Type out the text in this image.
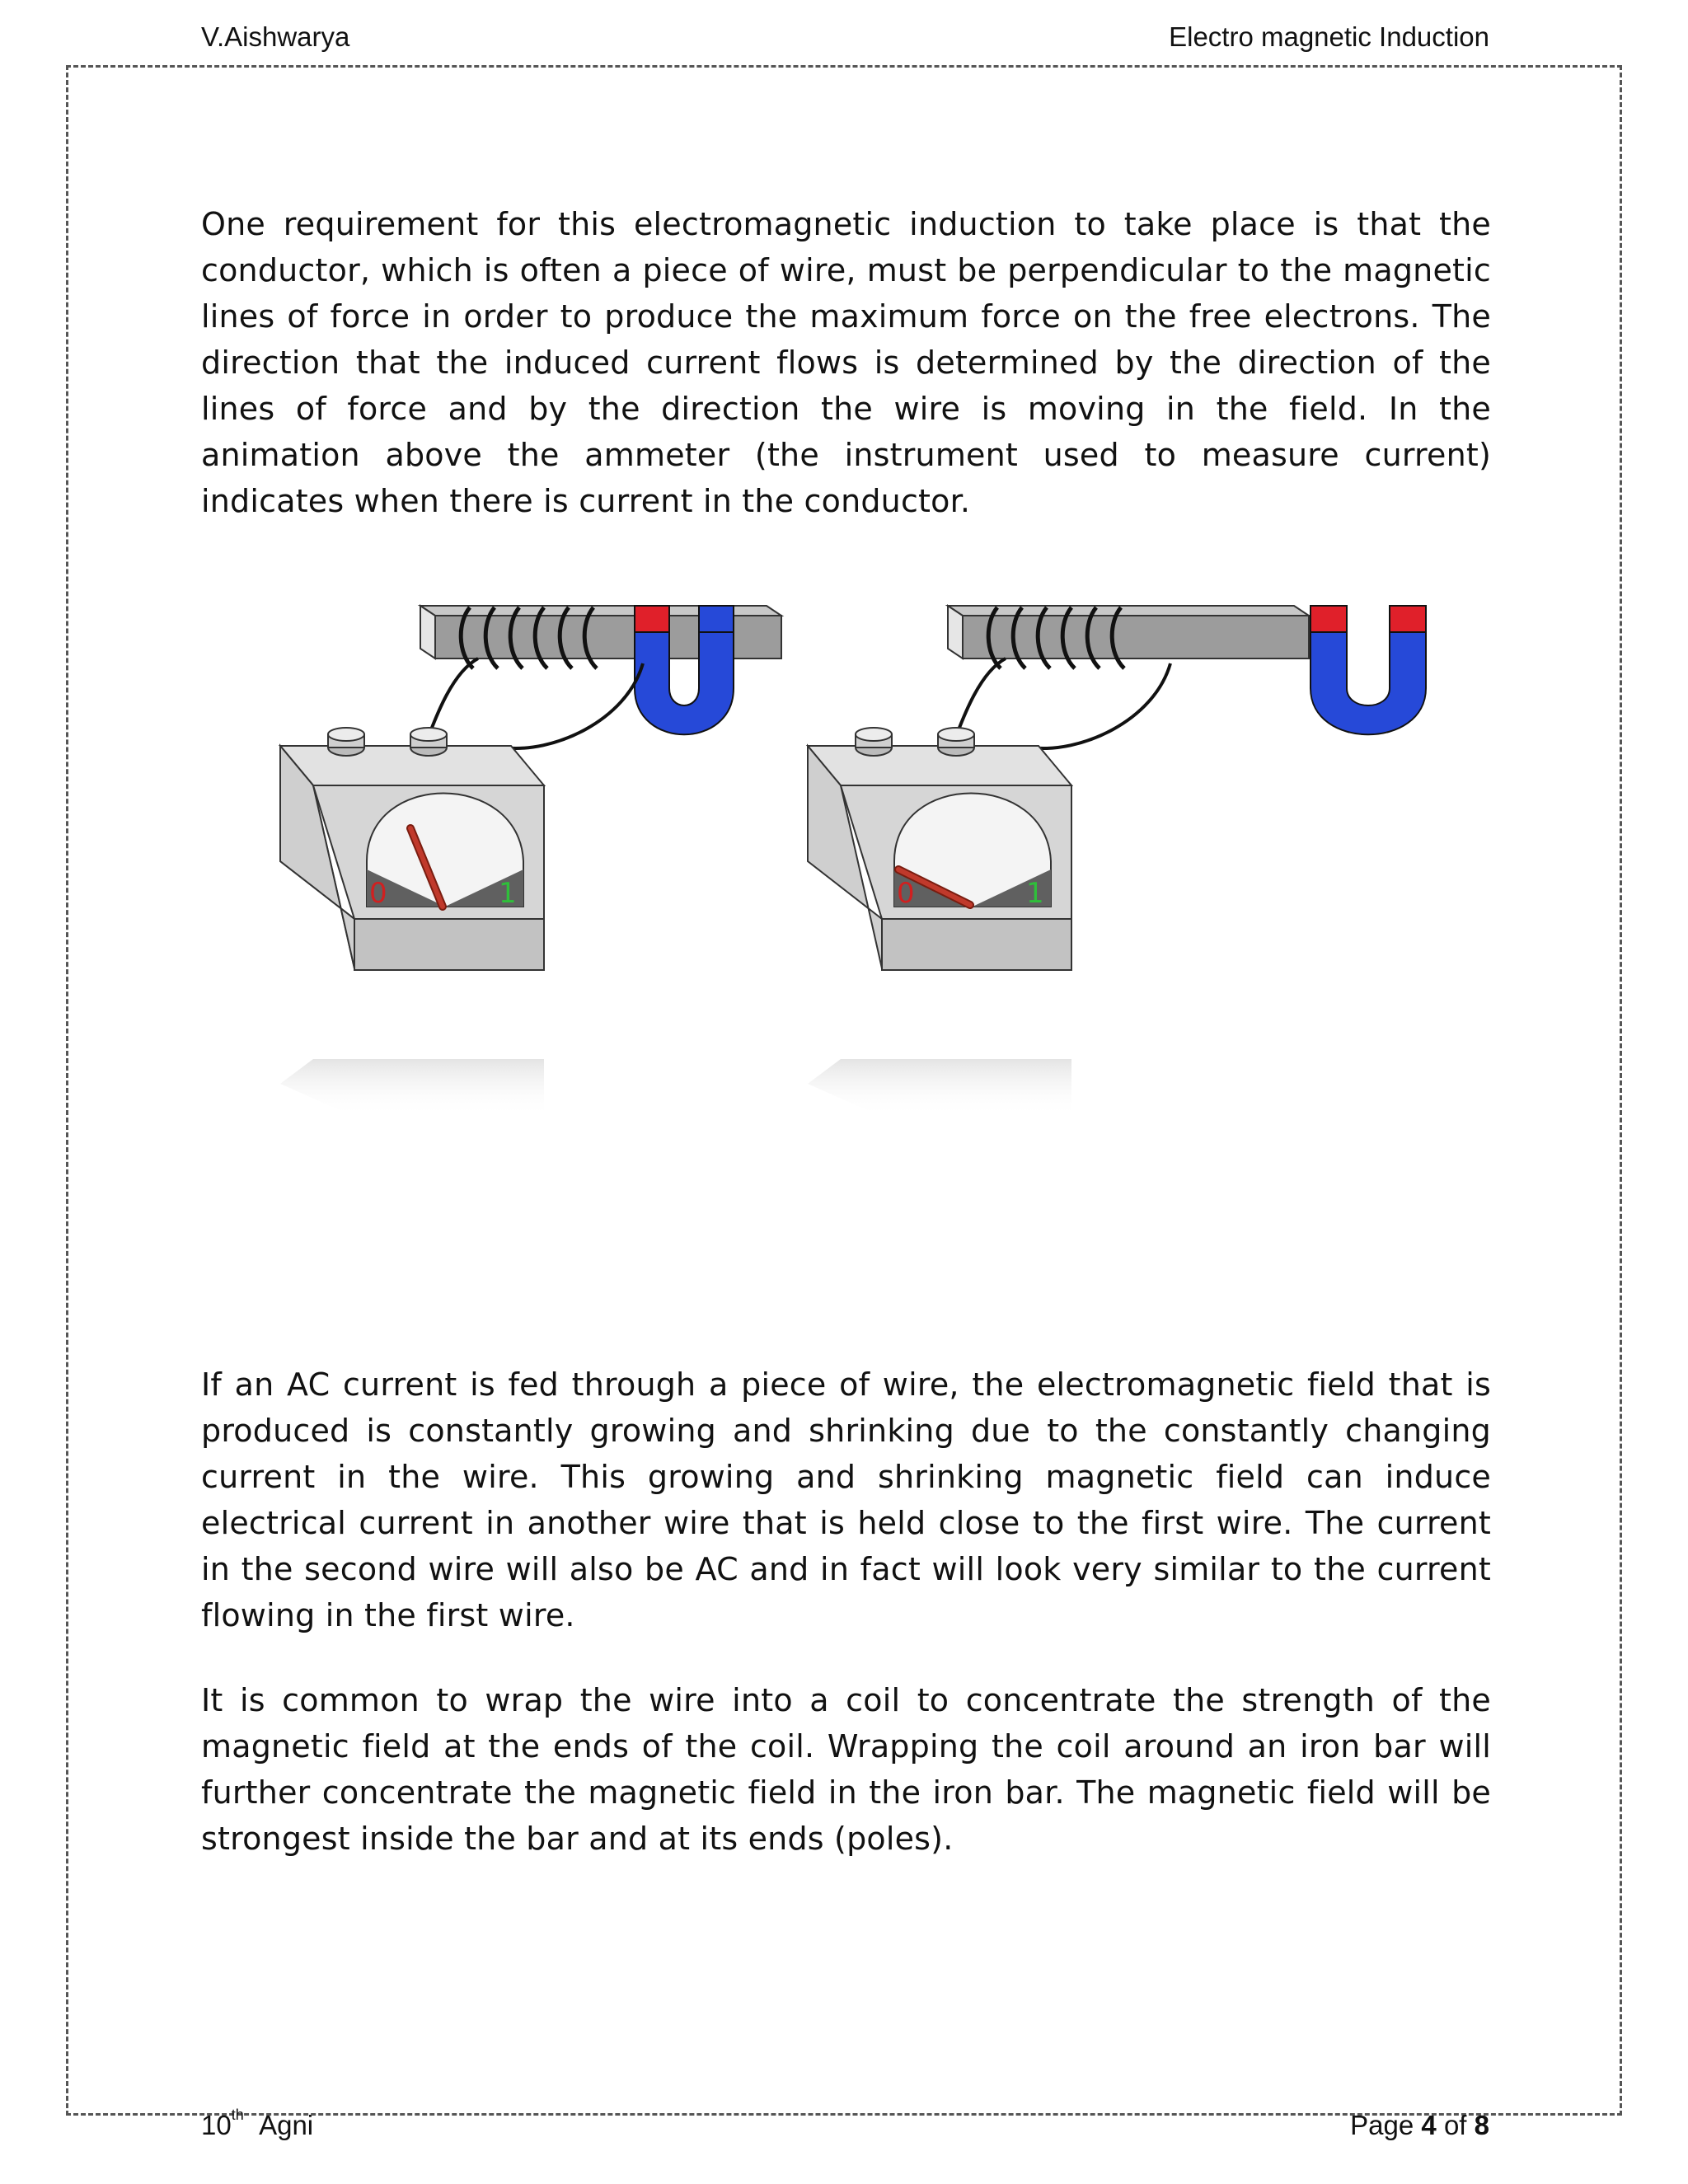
V.Aishwarya	Electro magnetic Induction
One requirement for this electromagnetic induction to take place is that the conductor, which is often a piece of wire, must be perpendicular to the magnetic lines of force in order to produce the maximum force on the free electrons. The direction that the induced current flows is determined by the direction of the lines of force and by the direction the wire is moving in the field. In the animation above the ammeter (the instrument used to measure current) indicates when there is current in the conductor.
0	1	0	1
If an AC current is fed through a piece of wire, the electromagnetic field that is produced is constantly growing and shrinking due to the constantly changing current in the wire. This growing and shrinking magnetic field can induce electrical current in another wire that is held close to the first wire. The current in the second wire will also be AC and in fact will look very similar to the current flowing in the first wire.
It is common to wrap the wire into a coil to concentrate the strength of the magnetic field at the ends of the coil. Wrapping the coil around an iron bar will further concentrate the magnetic field in the iron bar. The magnetic field will be strongest inside the bar and at its ends (poles).
10th Agni	Page 4 of 8
